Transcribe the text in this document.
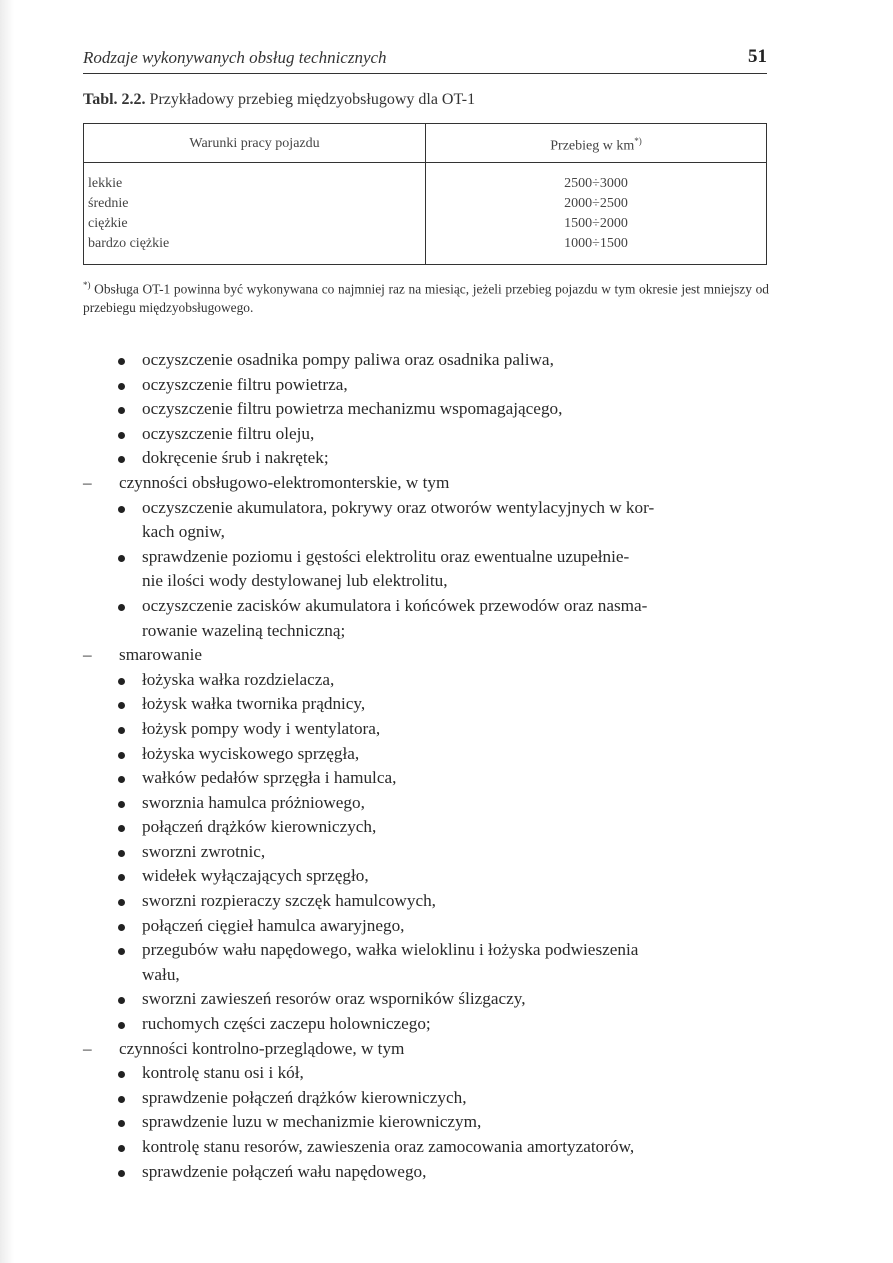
Rodzaje wykonywanych obsług technicznych	51
Tabl. 2.2. Przykładowy przebieg międzyobsługowy dla OT-1
Warunki pracy pojazdu	Przebieg w km*)
lekkie
średnie
ciężkie
bardzo ciężkie
2500÷3000
2000÷2500
1500÷2000
1000÷1500
*) Obsługa OT-1 powinna być wykonywana co najmniej raz na miesiąc, jeżeli przebieg pojazdu w tym okresie jest mniejszy od przebiegu międzyobsługowego.
oczyszczenie osadnika pompy paliwa oraz osadnika paliwa,
oczyszczenie filtru powietrza,
oczyszczenie filtru powietrza mechanizmu wspomagającego,
oczyszczenie filtru oleju,
dokręcenie śrub i nakrętek;
– czynności obsługowo-elektromonterskie, w tym
oczyszczenie akumulatora, pokrywy oraz otworów wentylacyjnych w kor-
kach ogniw,
sprawdzenie poziomu i gęstości elektrolitu oraz ewentualne uzupełnie-
nie ilości wody destylowanej lub elektrolitu,
oczyszczenie zacisków akumulatora i końcówek przewodów oraz nasma-
rowanie wazeliną techniczną;
– smarowanie
łożyska wałka rozdzielacza,
łożysk wałka twornika prądnicy,
łożysk pompy wody i wentylatora,
łożyska wyciskowego sprzęgła,
wałków pedałów sprzęgła i hamulca,
sworznia hamulca próżniowego,
połączeń drążków kierowniczych,
sworzni zwrotnic,
widełek wyłączających sprzęgło,
sworzni rozpieraczy szczęk hamulcowych,
połączeń cięgieł hamulca awaryjnego,
przegubów wału napędowego, wałka wieloklinu i łożyska podwieszenia
wału,
sworzni zawieszeń resorów oraz wsporników ślizgaczy,
ruchomych części zaczepu holowniczego;
– czynności kontrolno-przeglądowe, w tym
kontrolę stanu osi i kół,
sprawdzenie połączeń drążków kierowniczych,
sprawdzenie luzu w mechanizmie kierowniczym,
kontrolę stanu resorów, zawieszenia oraz zamocowania amortyzatorów,
sprawdzenie połączeń wału napędowego,
